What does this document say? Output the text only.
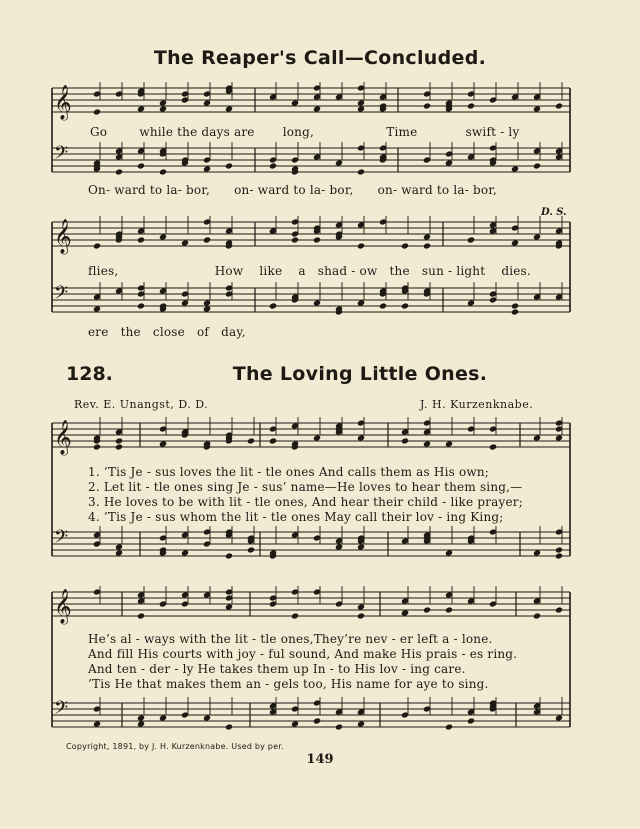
𝄞
𝄢
𝄞
𝄢
𝄞
𝄢
𝄞
𝄢
The Reaper's Call—Concluded.
Go	while the days are long,	Time	swift - ly
On- ward to la- bor, on- ward to la- bor, on- ward to la- bor,
D. S.
flies,	How like a shad - ow the sun - light dies.
ere the close of day,
128.	The Loving Little Ones.
Rev. E. Unangst, D. D.	J. H. Kurzenknabe.
1. ’Tis Je - sus loves the lit - tle ones And calls them as His own;
2. Let lit - tle ones sing Je - sus’ name—He loves to hear them sing,—
3. He loves to be with lit - tle ones, And hear their child - like prayer;
4. ’Tis Je - sus whom the lit - tle ones May call their lov - ing King;
He’s al - ways with the lit - tle ones,They’re nev - er left a - lone.
And fill His courts with joy - ful sound, And make His prais - es ring.
And ten - der - ly He takes them up In - to His lov - ing care.
’Tis He that makes them an - gels too, His name for aye to sing.
Copyright, 1891, by J. H. Kurzenknabe. Used by per.
149
